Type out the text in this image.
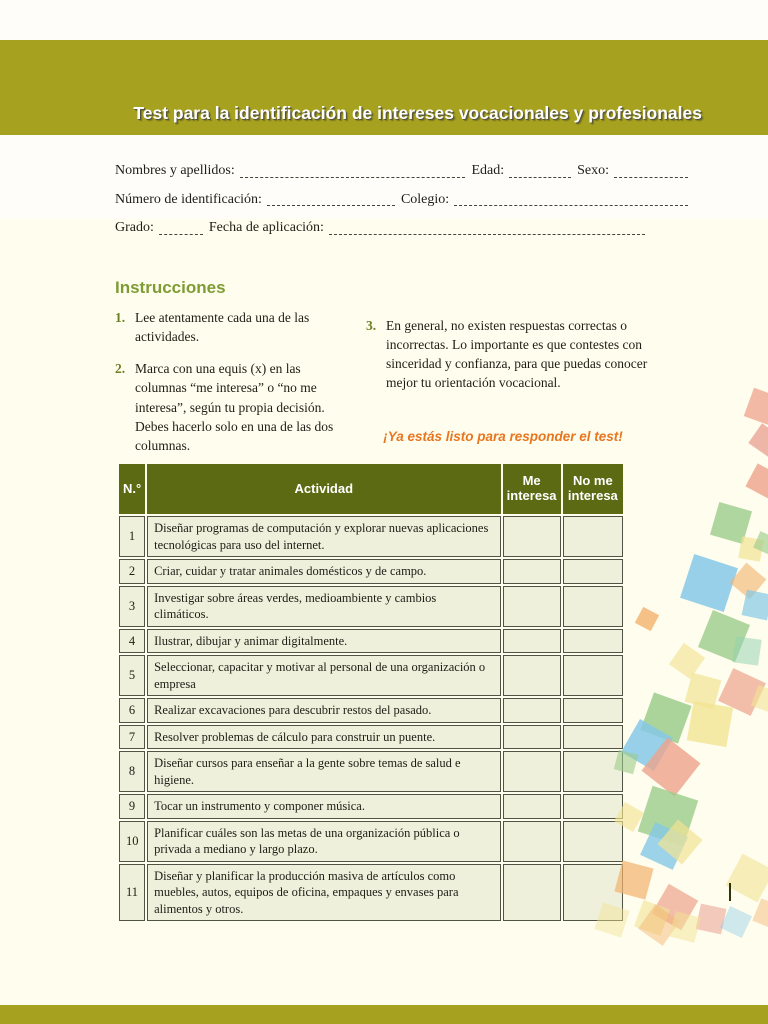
Test para la identificación de intereses vocacionales y profesionales
Nombres y apellidos:	Edad:	Sexo:
Número de identificación:	Colegio:
Grado:	Fecha de aplicación:
Instrucciones
1. Lee atentamente cada una de las actividades.
2. Marca con una equis (x) en las columnas “me interesa” o “no me interesa”, según tu propia decisión. Debes hacerlo solo en una de las dos columnas.
3. En general, no existen respuestas correctas o incorrectas. Lo importante es que contestes con sinceridad y confianza, para que puedas conocer mejor tu orientación vocacional.
¡Ya estás listo para responder el test!
N.°	Actividad	Me interesa	No me interesa
1	Diseñar programas de computación y explorar nuevas aplicaciones tecnológicas para uso del internet.		
2	Criar, cuidar y tratar animales domésticos y de campo.		
3	Investigar sobre áreas verdes, medioambiente y cambios climáticos.		
4	Ilustrar, dibujar y animar digitalmente.		
5	Seleccionar, capacitar y motivar al personal de una organización o empresa		
6	Realizar excavaciones para descubrir restos del pasado.		
7	Resolver problemas de cálculo para construir un puente.		
8	Diseñar cursos para enseñar a la gente sobre temas de salud e higiene.		
9	Tocar un instrumento y componer música.		
10	Planificar cuáles son las metas de una organización pública o privada a mediano y largo plazo.		
11	Diseñar y planificar la producción masiva de artículos como muebles, autos, equipos de oficina, empaques y envases para alimentos y otros.		
